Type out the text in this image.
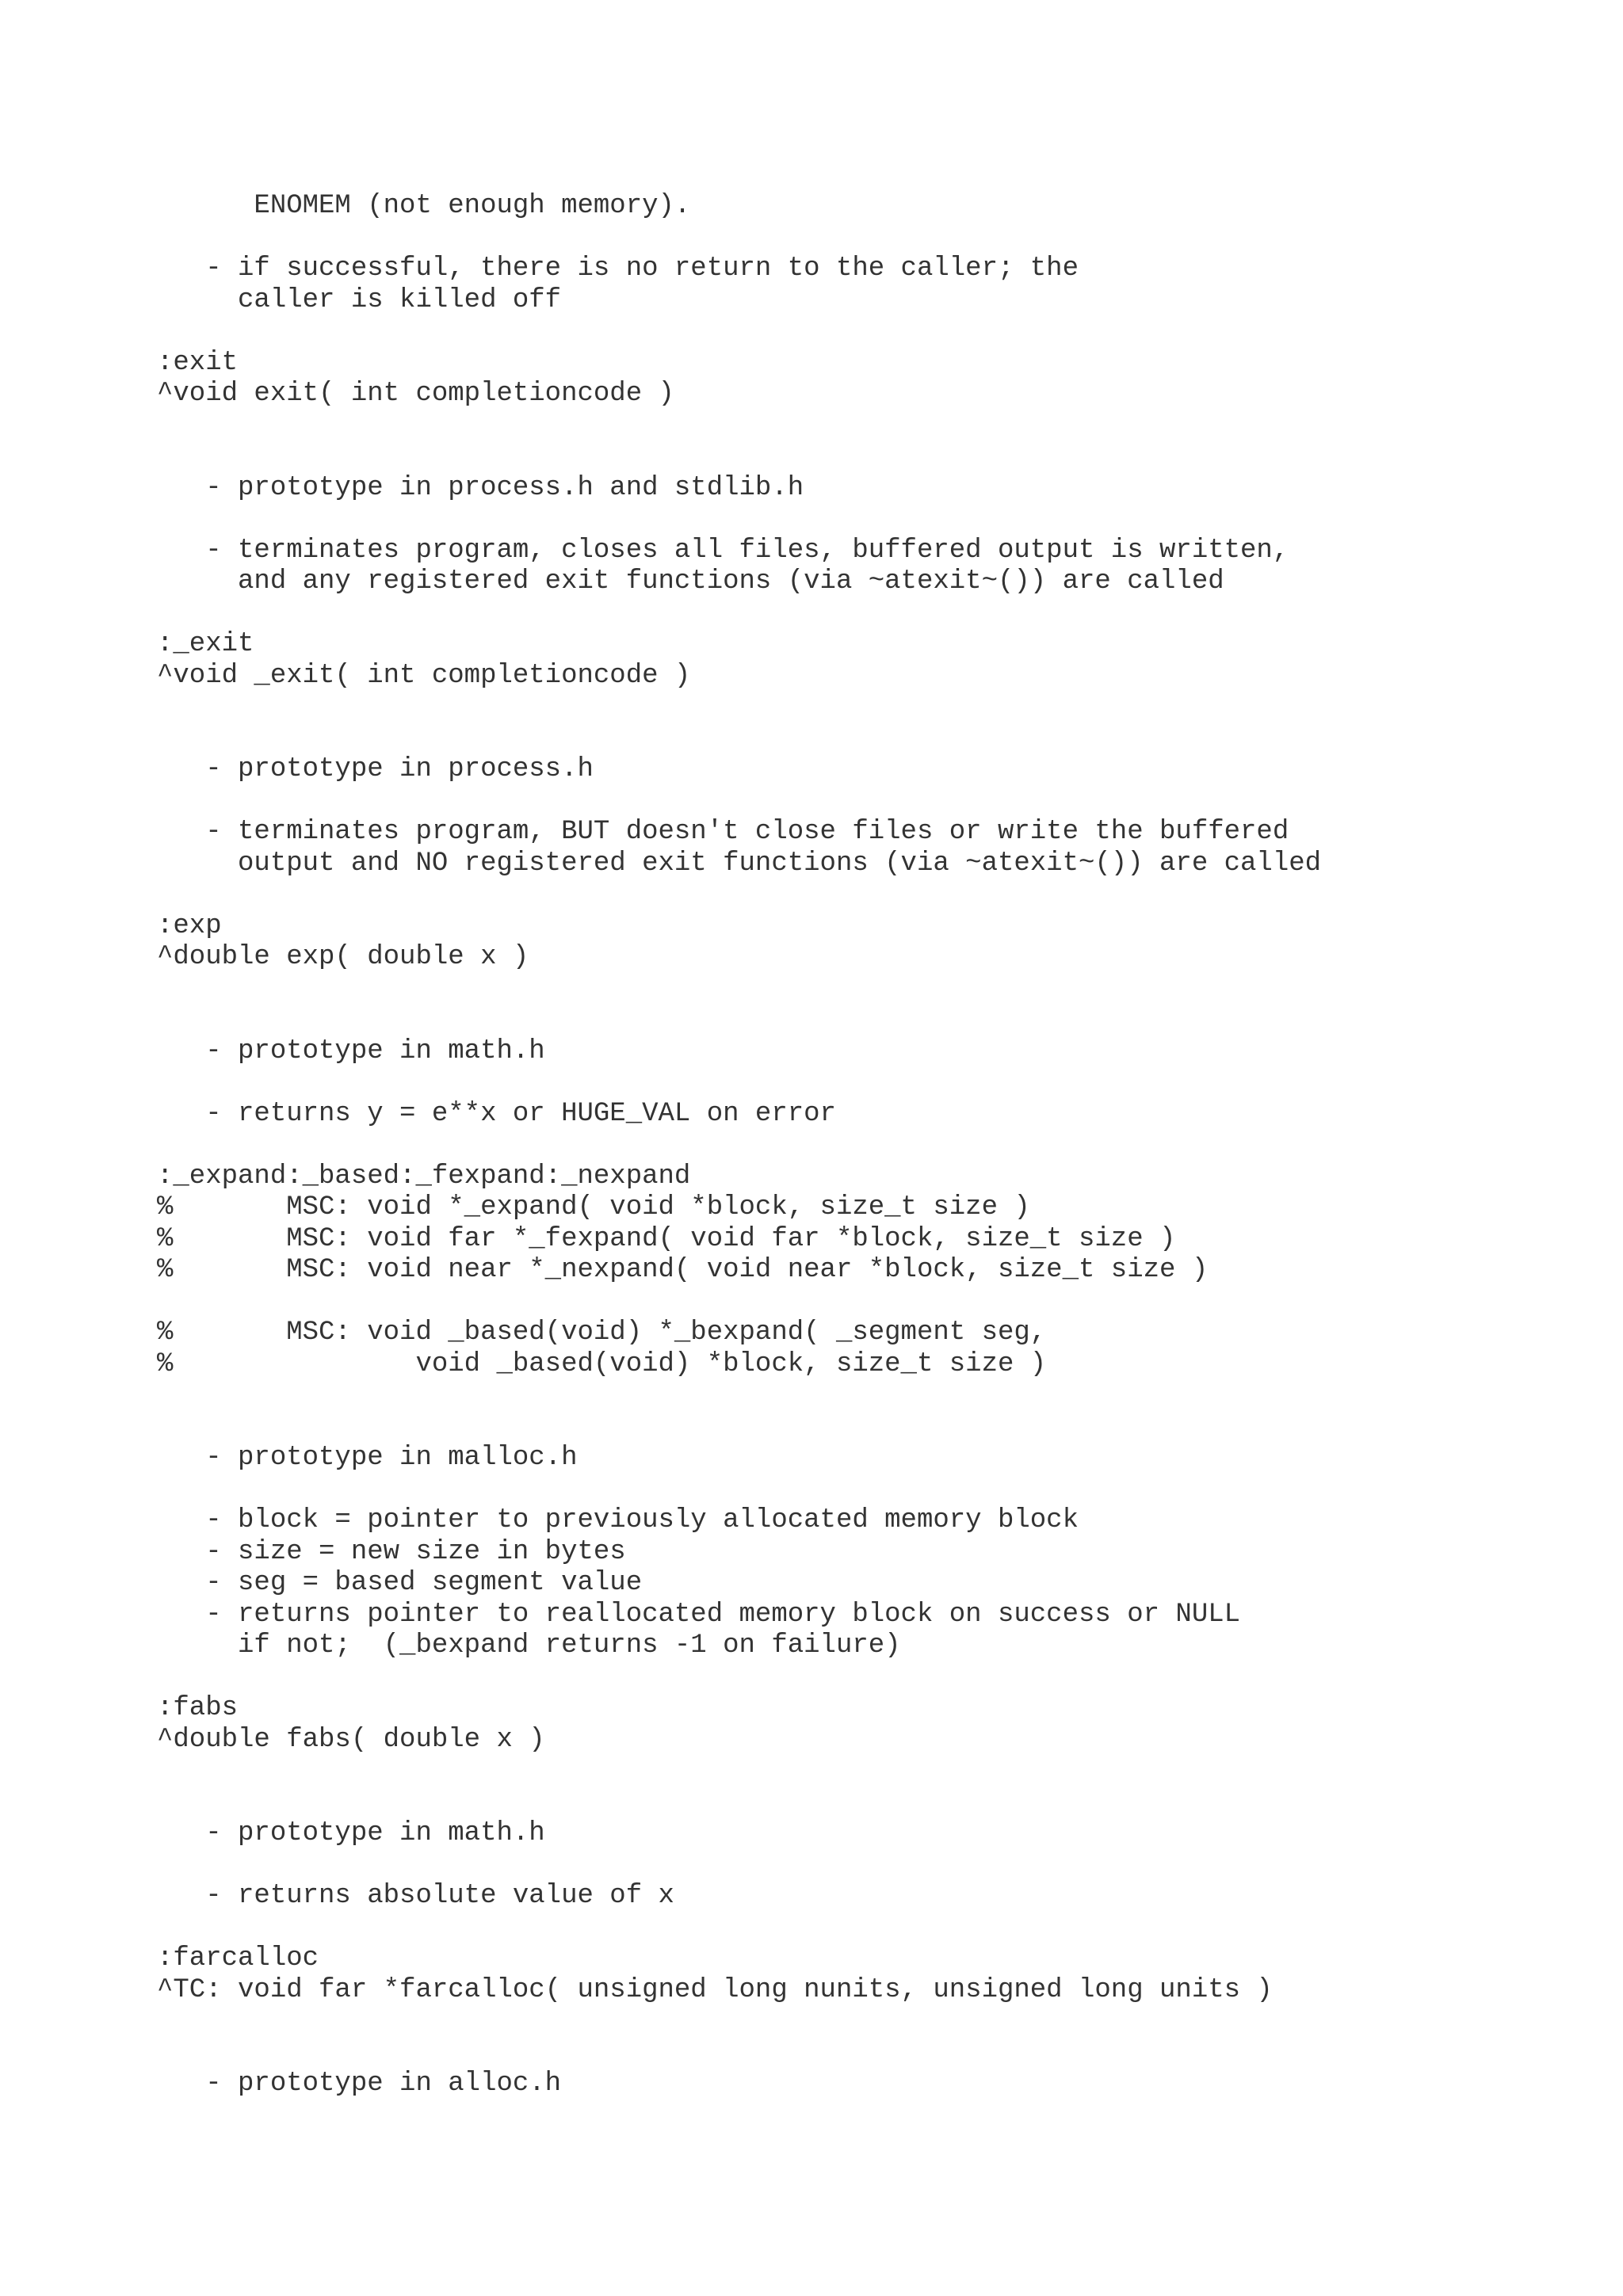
ENOMEM (not enough memory).
- if successful, there is no return to the caller; the
caller is killed off
:exit
^void exit( int completioncode )
- prototype in process.h and stdlib.h
- terminates program, closes all files, buffered output is written,
and any registered exit functions (via ~atexit~()) are called
:_exit
^void _exit( int completioncode )
- prototype in process.h
- terminates program, BUT doesn't close files or write the buffered
output and NO registered exit functions (via ~atexit~()) are called
:exp
^double exp( double x )
- prototype in math.h
- returns y = e**x or HUGE_VAL on error
:_expand:_based:_fexpand:_nexpand
%       MSC: void *_expand( void *block, size_t size )
%       MSC: void far *_fexpand( void far *block, size_t size )
%       MSC: void near *_nexpand( void near *block, size_t size )
%       MSC: void _based(void) *_bexpand( _segment seg,
%               void _based(void) *block, size_t size )
- prototype in malloc.h
- block = pointer to previously allocated memory block
- size = new size in bytes
- seg = based segment value
- returns pointer to reallocated memory block on success or NULL
if not;  (_bexpand returns -1 on failure)
:fabs
^double fabs( double x )
- prototype in math.h
- returns absolute value of x
:farcalloc
^TC: void far *farcalloc( unsigned long nunits, unsigned long units )
- prototype in alloc.h
